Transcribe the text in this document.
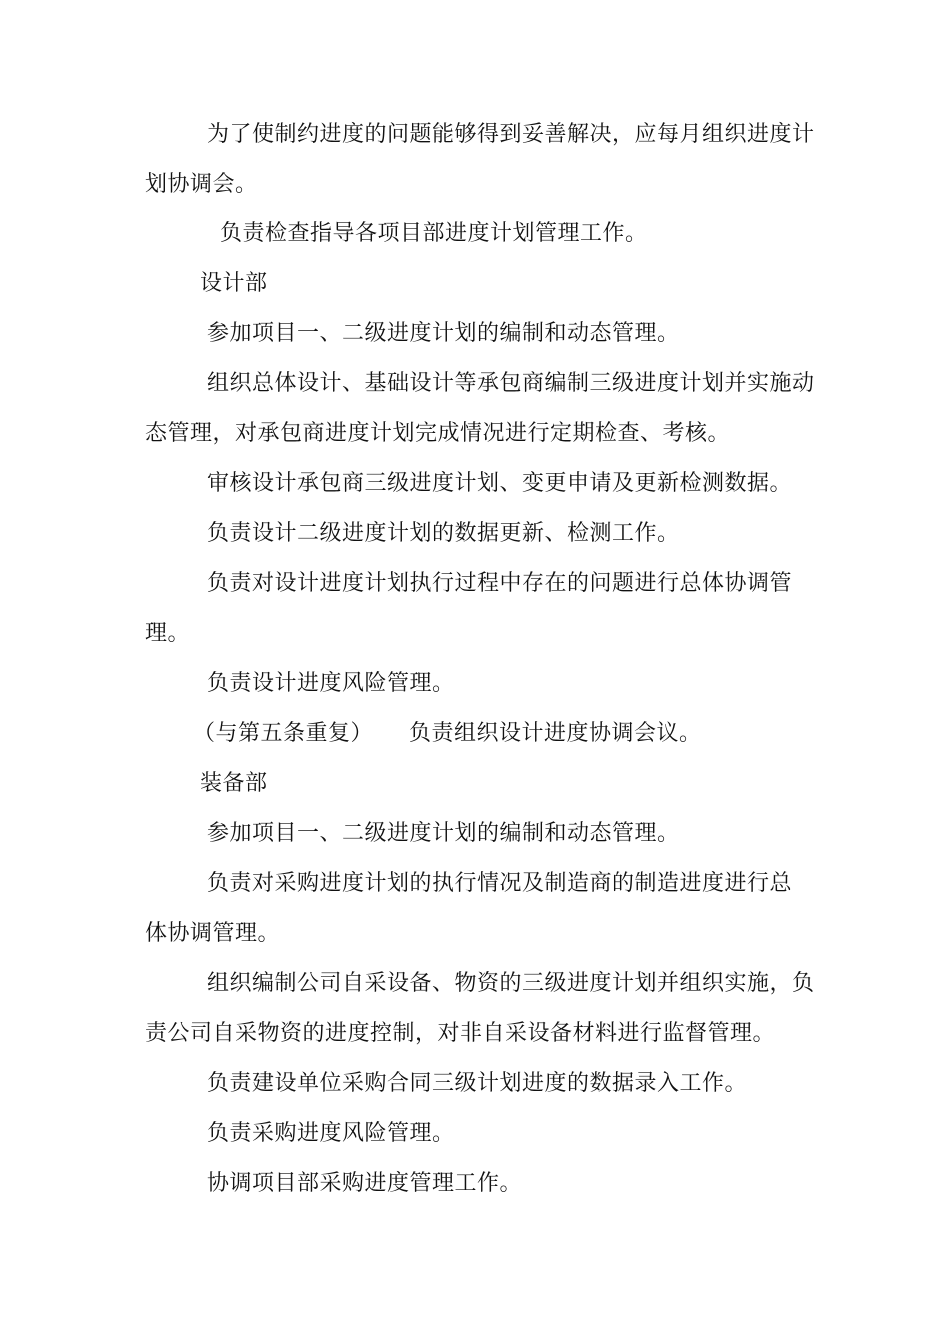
为了使制约进度的问题能够得到妥善解决，应每月组织进度计
划协调会。
负责检查指导各项目部进度计划管理工作。
设计部
参加项目一、二级进度计划的编制和动态管理。
组织总体设计、基础设计等承包商编制三级进度计划并实施动
态管理，对承包商进度计划完成情况进行定期检查、考核。
审核设计承包商三级进度计划、变更申请及更新检测数据。
负责设计二级进度计划的数据更新、检测工作。
负责对设计进度计划执行过程中存在的问题进行总体协调管
理。
负责设计进度风险管理。
（与第五条重复） 负责组织设计进度协调会议。
装备部
参加项目一、二级进度计划的编制和动态管理。
负责对采购进度计划的执行情况及制造商的制造进度进行总
体协调管理。
组织编制公司自采设备、物资的三级进度计划并组织实施，负
责公司自采物资的进度控制，对非自采设备材料进行监督管理。
负责建设单位采购合同三级计划进度的数据录入工作。
负责采购进度风险管理。
协调项目部采购进度管理工作。
